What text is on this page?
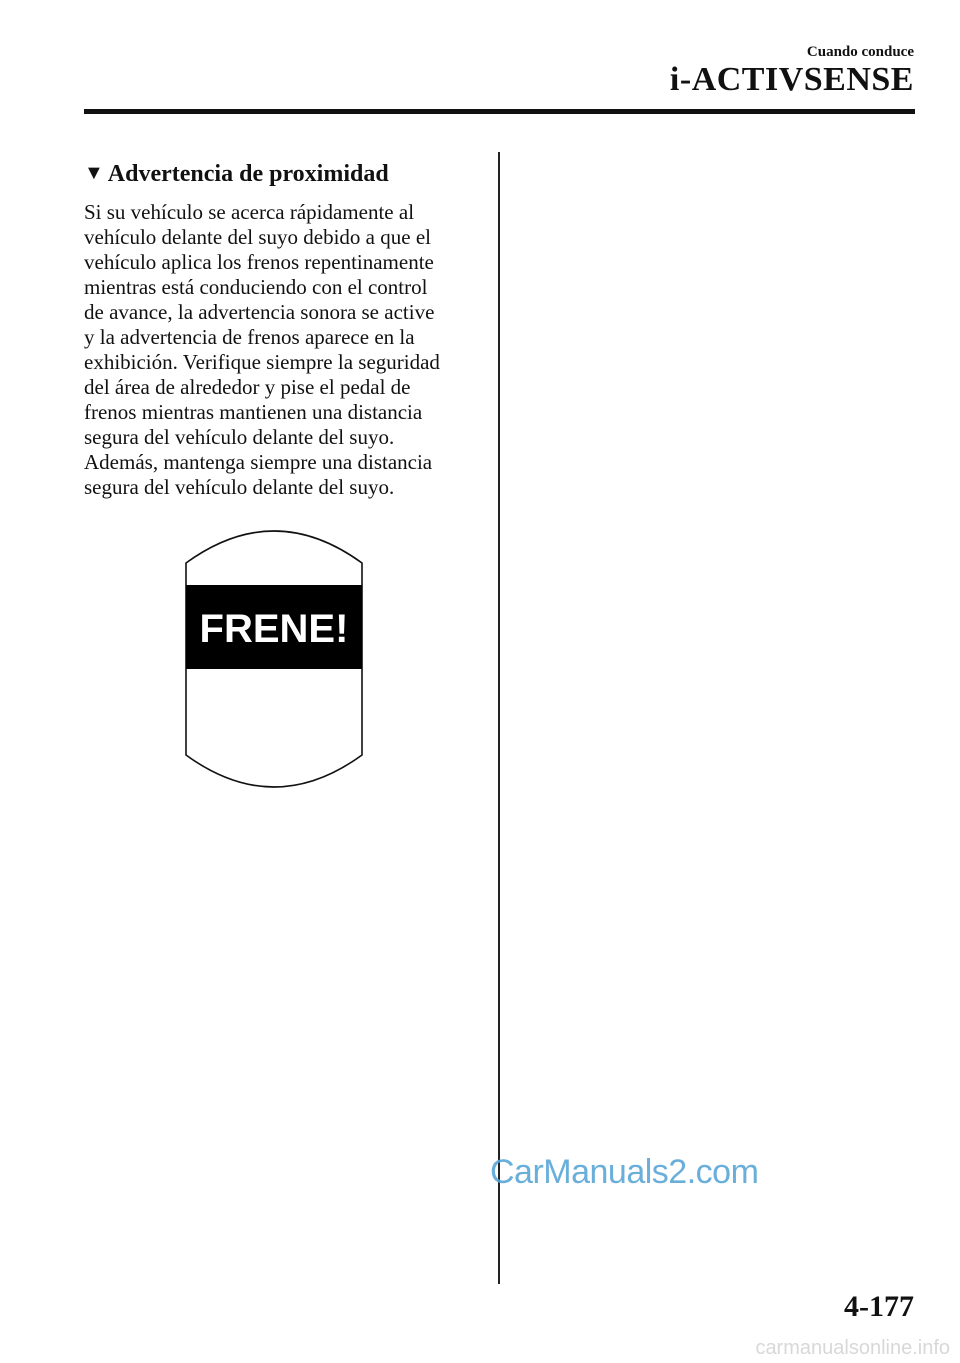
Cuando conduce
i-ACTIVSENSE
▼ Advertencia de proximidad
Si su vehículo se acerca rápidamente al
vehículo delante del suyo debido a que el
vehículo aplica los frenos repentinamente
mientras está conduciendo con el control
de avance, la advertencia sonora se active
y la advertencia de frenos aparece en la
exhibición. Verifique siempre la seguridad
del área de alrededor y pise el pedal de
frenos mientras mantienen una distancia
segura del vehículo delante del suyo.
Además, mantenga siempre una distancia
segura del vehículo delante del suyo.
FRENE!
CarManuals2.com
4-177
carmanualsonline.info
